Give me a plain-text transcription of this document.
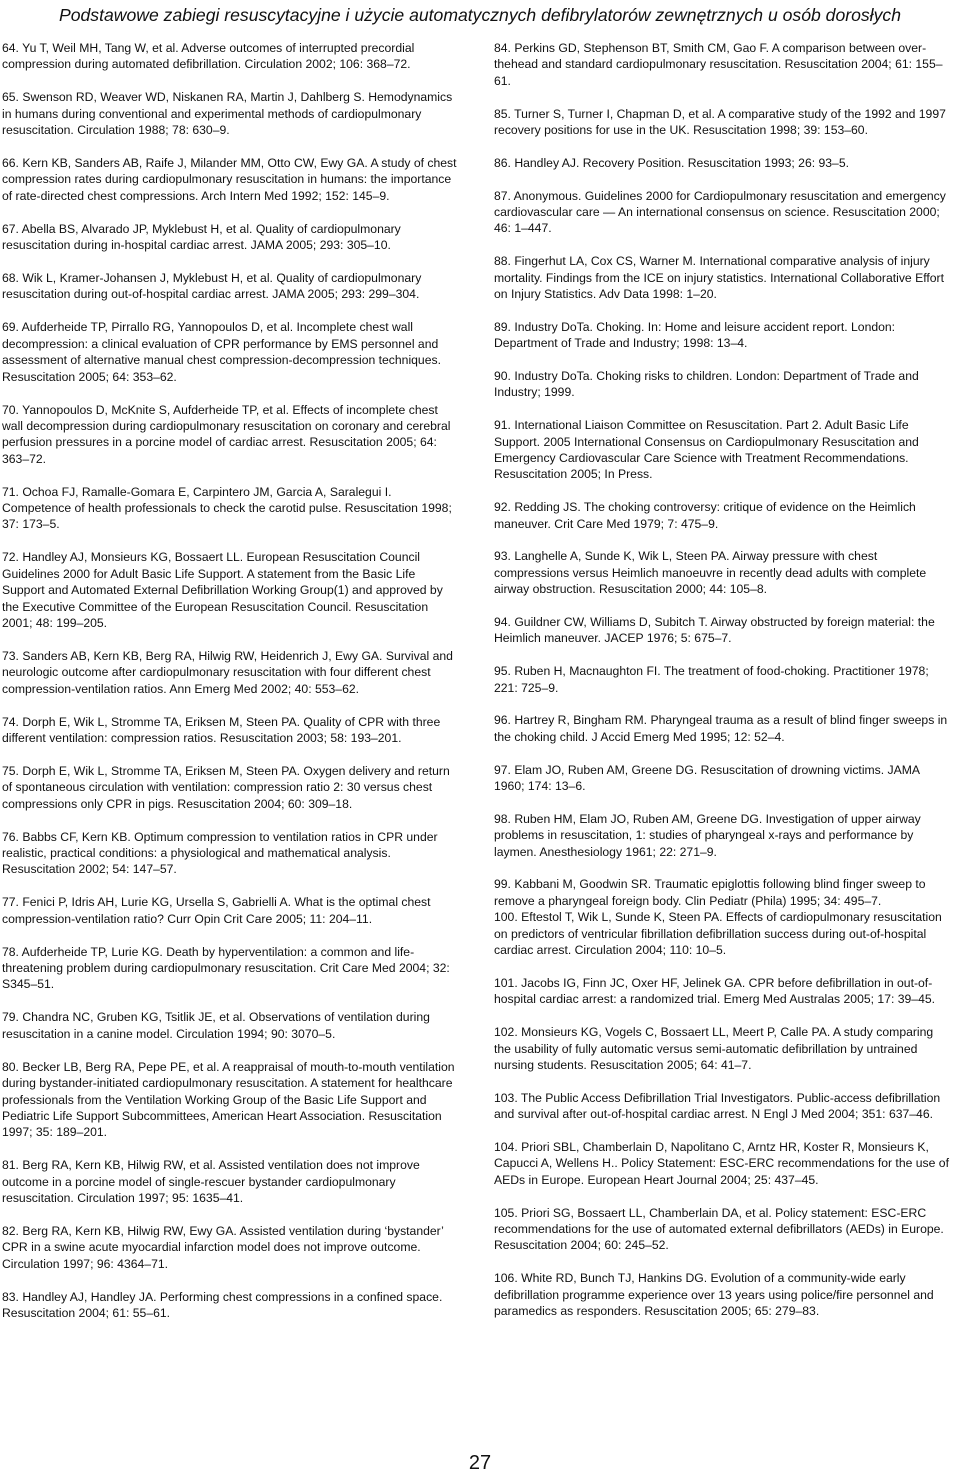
Podstawowe zabiegi resuscytacyjne i użycie automatycznych defibrylatorów zewnętrznych u osób dorosłych

64. Yu T, Weil MH, Tang W, et al. Adverse outcomes of interrupted precordial compression during automated defibrillation. Circulation 2002; 106: 368–72.

65. Swenson RD, Weaver WD, Niskanen RA, Martin J, Dahlberg S. Hemodynamics in humans during conventional and experimental methods of cardiopulmonary resuscitation. Circulation 1988; 78: 630–9.

66. Kern KB, Sanders AB, Raife J, Milander MM, Otto CW, Ewy GA. A study of chest compression rates during cardiopulmonary resuscitation in humans: the importance of rate-directed chest compressions. Arch Intern Med 1992; 152: 145–9.

67. Abella BS, Alvarado JP, Myklebust H, et al. Quality of cardiopulmonary resuscitation during in-hospital cardiac arrest. JAMA 2005; 293: 305–10.

68. Wik L, Kramer-Johansen J, Myklebust H, et al. Quality of cardiopulmonary resuscitation during out-of-hospital cardiac arrest. JAMA 2005; 293: 299–304.

69. Aufderheide TP, Pirrallo RG, Yannopoulos D, et al. Incomplete chest wall decompression: a clinical evaluation of CPR performance by EMS personnel and assessment of alternative manual chest compression-decompression techniques. Resuscitation 2005; 64: 353–62.

70. Yannopoulos D, McKnite S, Aufderheide TP, et al. Effects of incomplete chest wall decompression during cardiopulmonary resuscitation on coronary and cerebral perfusion pressures in a porcine model of cardiac arrest. Resuscitation 2005; 64: 363–72.

71. Ochoa FJ, Ramalle-Gomara E, Carpintero JM, Garcia A, Saralegui I. Competence of health professionals to check the carotid pulse. Resuscitation 1998; 37: 173–5.

72. Handley AJ, Monsieurs KG, Bossaert LL. European Resuscitation Council Guidelines 2000 for Adult Basic Life Support. A statement from the Basic Life Support and Automated External Defibrillation Working Group(1) and approved by the Executive Committee of the European Resuscitation Council. Resuscitation 2001; 48: 199–205.

73. Sanders AB, Kern KB, Berg RA, Hilwig RW, Heidenrich J, Ewy GA. Survival and neurologic outcome after cardiopulmonary resuscitation with four different chest compression-ventilation ratios. Ann Emerg Med 2002; 40: 553–62.

74. Dorph E, Wik L, Stromme TA, Eriksen M, Steen PA. Quality of CPR with three different ventilation: compression ratios. Resuscitation 2003; 58: 193–201.

75. Dorph E, Wik L, Stromme TA, Eriksen M, Steen PA. Oxygen delivery and return of spontaneous circulation with ventilation: compression ratio 2: 30 versus chest compressions only CPR in pigs. Resuscitation 2004; 60: 309–18.

76. Babbs CF, Kern KB. Optimum compression to ventilation ratios in CPR under realistic, practical conditions: a physiological and mathematical analysis. Resuscitation 2002; 54: 147–57.

77. Fenici P, Idris AH, Lurie KG, Ursella S, Gabrielli A. What is the optimal chest compression-ventilation ratio? Curr Opin Crit Care 2005; 11: 204–11.

78. Aufderheide TP, Lurie KG. Death by hyperventilation: a common and life-threatening problem during cardiopulmonary resuscitation. Crit Care Med 2004; 32: S345–51.

79. Chandra NC, Gruben KG, Tsitlik JE, et al. Observations of ventilation during resuscitation in a canine model. Circulation 1994; 90: 3070–5.

80. Becker LB, Berg RA, Pepe PE, et al. A reappraisal of mouth-to-mouth ventilation during bystander-initiated cardiopulmonary resuscitation. A statement for healthcare professionals from the Ventilation Working Group of the Basic Life Support and Pediatric Life Support Subcommittees, American Heart Association. Resuscitation 1997; 35: 189–201.

81. Berg RA, Kern KB, Hilwig RW, et al. Assisted ventilation does not improve outcome in a porcine model of single-rescuer bystander cardiopulmonary resuscitation. Circulation 1997; 95: 1635–41.

82. Berg RA, Kern KB, Hilwig RW, Ewy GA. Assisted ventilation during ‘bystander’ CPR in a swine acute myocardial infarction model does not improve outcome. Circulation 1997; 96: 4364–71.

83. Handley AJ, Handley JA. Performing chest compressions in a confined space. Resuscitation 2004; 61: 55–61.

84. Perkins GD, Stephenson BT, Smith CM, Gao F. A comparison between over-thehead and standard cardiopulmonary resuscitation. Resuscitation 2004; 61: 155–61.

85. Turner S, Turner I, Chapman D, et al. A comparative study of the 1992 and 1997 recovery positions for use in the UK. Resuscitation 1998; 39: 153–60.

86. Handley AJ. Recovery Position. Resuscitation 1993; 26: 93–5.

87. Anonymous. Guidelines 2000 for Cardiopulmonary resuscitation and emergency cardiovascular care — An international consensus on science. Resuscitation 2000; 46: 1–447.

88. Fingerhut LA, Cox CS, Warner M. International comparative analysis of injury mortality. Findings from the ICE on injury statistics. International Collaborative Effort on Injury Statistics. Adv Data 1998: 1–20.

89. Industry DoTa. Choking. In: Home and leisure accident report. London: Department of Trade and Industry; 1998: 13–4.

90. Industry DoTa. Choking risks to children. London: Department of Trade and Industry; 1999.

91. International Liaison Committee on Resuscitation. Part 2. Adult Basic Life Support. 2005 International Consensus on Cardiopulmonary Resuscitation and Emergency Cardiovascular Care Science with Treatment Recommendations. Resuscitation 2005; In Press.

92. Redding JS. The choking controversy: critique of evidence on the Heimlich maneuver. Crit Care Med 1979; 7: 475–9.

93. Langhelle A, Sunde K, Wik L, Steen PA. Airway pressure with chest compressions versus Heimlich manoeuvre in recently dead adults with complete airway obstruction. Resuscitation 2000; 44: 105–8.

94. Guildner CW, Williams D, Subitch T. Airway obstructed by foreign material: the Heimlich maneuver. JACEP 1976; 5: 675–7.

95. Ruben H, Macnaughton FI. The treatment of food-choking. Practitioner 1978; 221: 725–9.

96. Hartrey R, Bingham RM. Pharyngeal trauma as a result of blind finger sweeps in the choking child. J Accid Emerg Med 1995; 12: 52–4.

97. Elam JO, Ruben AM, Greene DG. Resuscitation of drowning victims. JAMA 1960; 174: 13–6.

98. Ruben HM, Elam JO, Ruben AM, Greene DG. Investigation of upper airway problems in resuscitation, 1: studies of pharyngeal x-rays and performance by laymen. Anesthesiology 1961; 22: 271–9.

99. Kabbani M, Goodwin SR. Traumatic epiglottis following blind finger sweep to remove a pharyngeal foreign body. Clin Pediatr (Phila) 1995; 34: 495–7.

100. Eftestol T, Wik L, Sunde K, Steen PA. Effects of cardiopulmonary resuscitation on predictors of ventricular fibrillation defibrillation success during out-of-hospital cardiac arrest. Circulation 2004; 110: 10–5.

101. Jacobs IG, Finn JC, Oxer HF, Jelinek GA. CPR before defibrillation in out-of-hospital cardiac arrest: a randomized trial. Emerg Med Australas 2005; 17: 39–45.

102. Monsieurs KG, Vogels C, Bossaert LL, Meert P, Calle PA. A study comparing the usability of fully automatic versus semi-automatic defibrillation by untrained nursing students. Resuscitation 2005; 64: 41–7.

103. The Public Access Defibrillation Trial Investigators. Public-access defibrillation and survival after out-of-hospital cardiac arrest. N Engl J Med 2004; 351: 637–46.

104. Priori SBL, Chamberlain D, Napolitano C, Arntz HR, Koster R, Monsieurs K, Capucci A, Wellens H.. Policy Statement: ESC-ERC recommendations for the use of AEDs in Europe. European Heart Journal 2004; 25: 437–45.

105. Priori SG, Bossaert LL, Chamberlain DA, et al. Policy statement: ESC-ERC recommendations for the use of automated external defibrillators (AEDs) in Europe. Resuscitation 2004; 60: 245–52.

106. White RD, Bunch TJ, Hankins DG. Evolution of a community-wide early defibrillation programme experience over 13 years using police/fire personnel and paramedics as responders. Resuscitation 2005; 65: 279–83.

27
